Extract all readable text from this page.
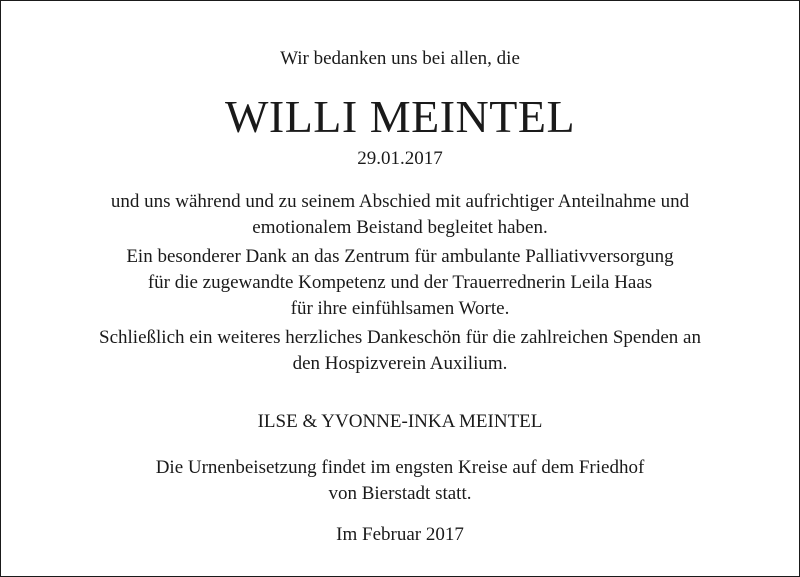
Wir bedanken uns bei allen, die
WILLI MEINTEL
29.01.2017
und uns während und zu seinem Abschied mit aufrichtiger Anteilnahme und
emotionalem Beistand begleitet haben.
Ein besonderer Dank an das Zentrum für ambulante Palliativversorgung
für die zugewandte Kompetenz und der Trauerrednerin Leila Haas
für ihre einfühlsamen Worte.
Schließlich ein weiteres herzliches Dankeschön für die zahlreichen Spenden an
den Hospizverein Auxilium.
ILSE & YVONNE-INKA MEINTEL
Die Urnenbeisetzung findet im engsten Kreise auf dem Friedhof
von Bierstadt statt.
Im Februar 2017
